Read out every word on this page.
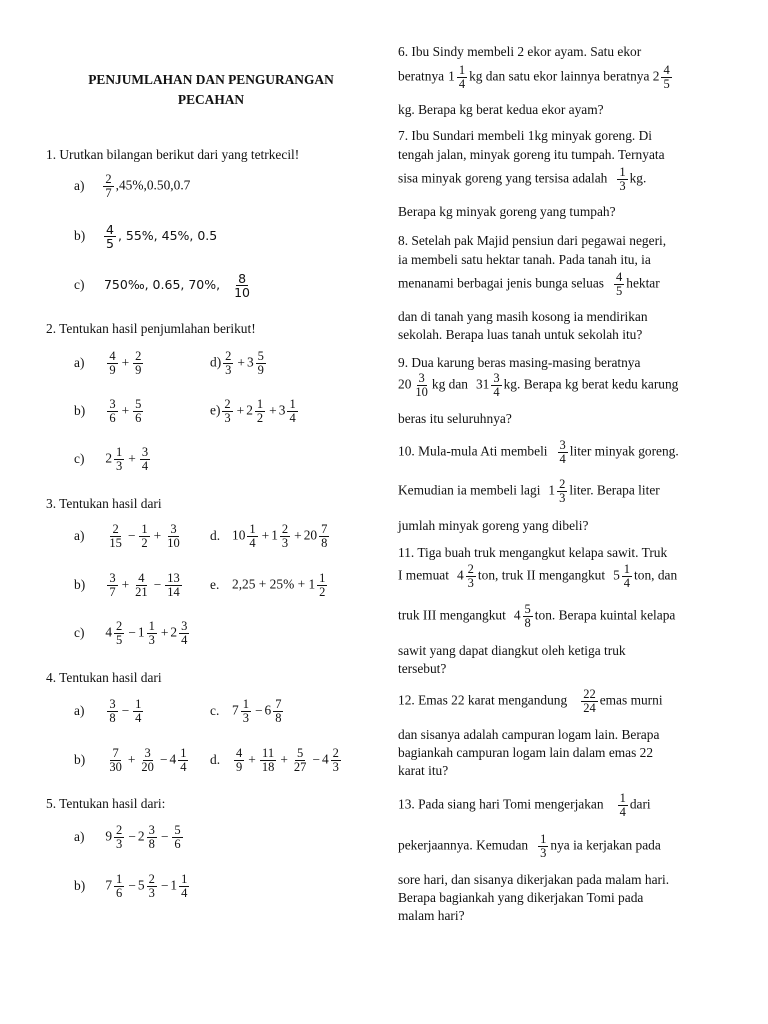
PENJUMLAHAN DAN PENGURANGAN
PECAHAN
1. Urutkan bilangan berikut dari yang tetrkecil!
$a) \frac{2}{7} ,45\%,0.50,0.7$
$b) \frac{4}{5}$ , 55%, 45%, 0.5
c) 750‰, 0.65, 70%, $\frac{8}{10}$
2. Tentukan hasil penjumlahan berikut!
$a) \frac{4}{9} + \frac{2}{9}$	$d) \frac{2}{3} + 3 \frac{5}{9}$
$b) \frac{3}{6} + \frac{5}{6}$	$e) \frac{2}{3} + 2 \frac{1}{2} + 3 \frac{1}{4}$
c) $2 \frac{1}{3} + \frac{3}{4}$
3. Tentukan hasil dari
$a) \frac{2}{15} - \frac{1}{2} + \frac{3}{10} d$. $10 \frac{1}{4} + 1 \frac{2}{3} + 20 \frac{7}{8}$
$b) \frac{3}{7} + \frac{4}{21} - \frac{13}{14} e$. $2,25 + 25\% + 1 \frac{1}{2}$
c) $4 \frac{2}{5} - 1 \frac{1}{3} + 2 \frac{3}{4}$
4. Tentukan hasil dari
$a) \frac{3}{8} - \frac{1}{4}$	c. $7 \frac{1}{3} - 6 \frac{7}{8}$
$b) \frac{7}{30} + \frac{3}{20} - 4 \frac{1}{4} d$. $\frac{4}{9} + \frac{11}{18} + \frac{5}{27} - 4 \frac{2}{3}$
5. Tentukan hasil dari:
a) $9 \frac{2}{3} - 2 \frac{3}{8} - \frac{5}{6}$
b) $7 \frac{1}{6} - 5 \frac{2}{3} - 1 \frac{1}{4}$
6. Ibu Sindy membeli 2 ekor ayam. Satu ekor
beratnya $1 \frac{1}{4}$ kg dan satu ekor lainnya beratnya $2 \frac{4}{5}$
kg. Berapa kg berat kedua ekor ayam?
7. Ibu Sundari membeli 1kg minyak goreng. Di
tengah jalan, minyak goreng itu tumpah. Ternyata
sisa minyak goreng yang tersisa adalah $\frac{1}{3}$ kg.
Berapa kg minyak goreng yang tumpah?
8. Setelah pak Majid pensiun dari pegawai negeri,
ia membeli satu hektar tanah. Pada tanah itu, ia
menanami berbagai jenis bunga seluas $\frac{4}{5}$ hektar
dan di tanah yang masih kosong ia mendirikan
sekolah. Berapa luas tanah untuk sekolah itu?
9. Dua karung beras masing-masing beratnya
$20 \frac{3}{10}$ kg dan $31 \frac{3}{4}$ kg. Berapa kg berat kedu karung
beras itu seluruhnya?
10. Mula-mula Ati membeli $\frac{3}{4}$ liter minyak goreng.
Kemudian ia membeli lagi $1 \frac{2}{3}$ liter. Berapa liter
jumlah minyak goreng yang dibeli?
11. Tiga buah truk mengangkut kelapa sawit. Truk
I memuat $4 \frac{2}{3}$ ton, truk II mengangkut $5 \frac{1}{4}$ ton, dan
truk III mengangkut $4 \frac{5}{8}$ ton. Berapa kuintal kelapa
sawit yang dapat diangkut oleh ketiga truk
tersebut?
12. Emas 22 karat mengandung $\frac{22}{24}$ emas murni
dan sisanya adalah campuran logam lain. Berapa
bagiankah campuran logam lain dalam emas 22
karat itu?
13. Pada siang hari Tomi mengerjakan $\frac{1}{4}$ dari
pekerjaannya. Kemudan $\frac{1}{3}$ nya ia kerjakan pada
sore hari, dan sisanya dikerjakan pada malam hari.
Berapa bagiankah yang dikerjakan Tomi pada
malam hari?
